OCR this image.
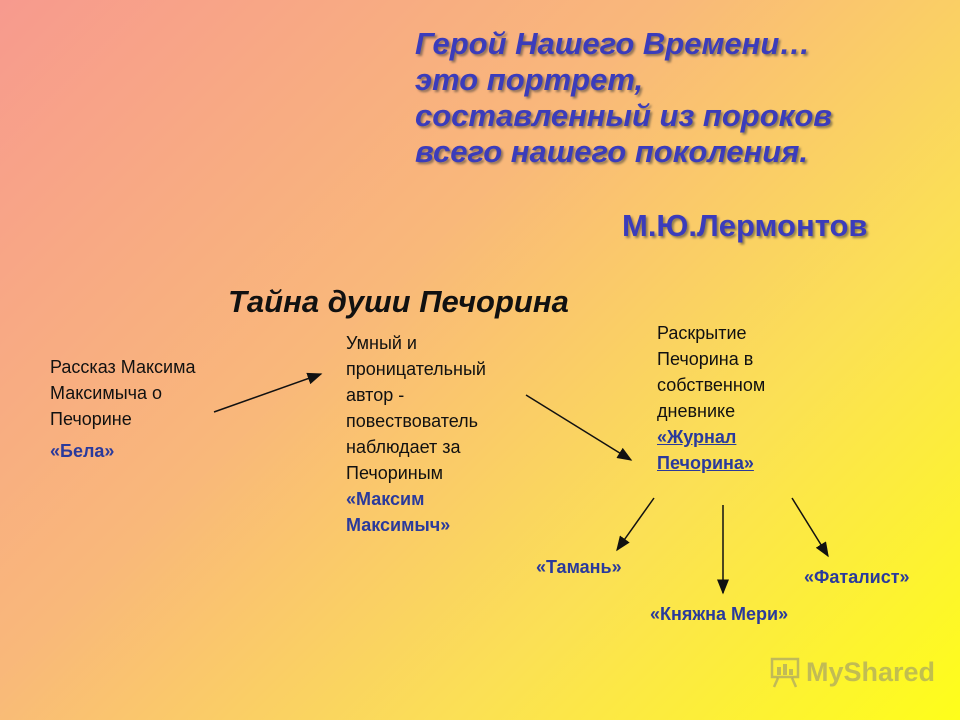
Герой Нашего Времени…
это портрет,
составленный из пороков
всего нашего поколения.
М.Ю.Лермонтов
Тайна души Печорина
Рассказ Максима
Максимыча о
Печорине
«Бела»
Умный и
проницательный
автор -
повествователь
наблюдает за
Печориным
«Максим
Максимыч»
Раскрытие
Печорина в
собственном
дневнике
«Журнал
Печорина»
«Тамань»
«Княжна Мери»
«Фаталист»
MyShared
